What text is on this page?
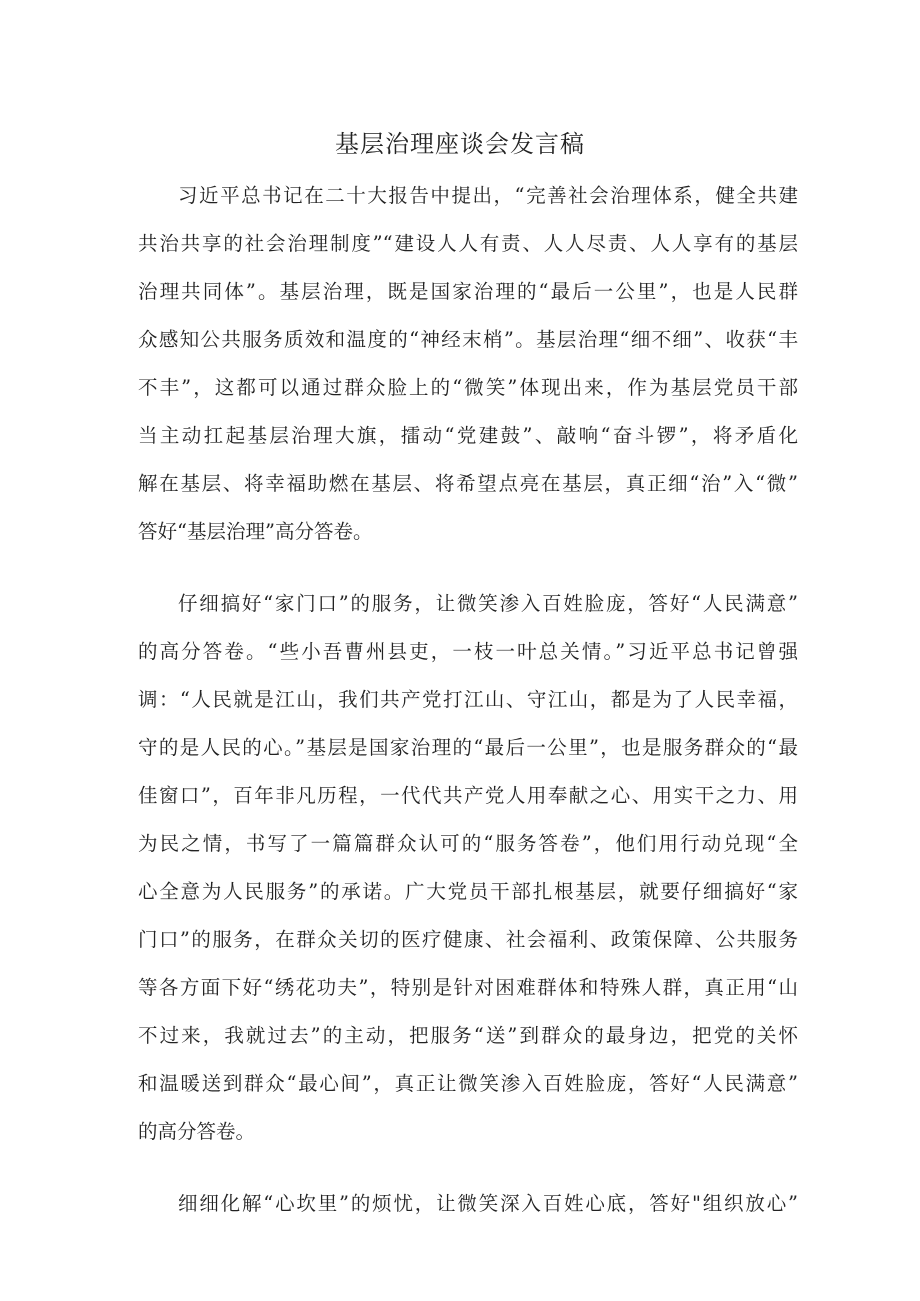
基层治理座谈会发言稿
习近平总书记在二十大报告中提出，“完善社会治理体系，健全共建
共治共享的社会治理制度”“建设人人有责、人人尽责、人人享有的基层
治理共同体”。基层治理，既是国家治理的“最后一公里”，也是人民群
众感知公共服务质效和温度的“神经末梢”。基层治理“细不细”、收获“丰
不丰”，这都可以通过群众脸上的“微笑”体现出来，作为基层党员干部
当主动扛起基层治理大旗，擂动“党建鼓”、敲响“奋斗锣”，将矛盾化
解在基层、将幸福助燃在基层、将希望点亮在基层，真正细“治”入“微”
答好“基层治理”高分答卷。
仔细搞好“家门口”的服务，让微笑渗入百姓脸庞，答好“人民满意”
的高分答卷。“些小吾曹州县吏，一枝一叶总关情。”习近平总书记曾强
调：“人民就是江山，我们共产党打江山、守江山，都是为了人民幸福，
守的是人民的心。”基层是国家治理的“最后一公里”，也是服务群众的“最
佳窗口”，百年非凡历程，一代代共产党人用奉献之心、用实干之力、用
为民之情，书写了一篇篇群众认可的“服务答卷”，他们用行动兑现“全
心全意为人民服务”的承诺。广大党员干部扎根基层，就要仔细搞好“家
门口”的服务，在群众关切的医疗健康、社会福利、政策保障、公共服务
等各方面下好“绣花功夫”，特别是针对困难群体和特殊人群，真正用“山
不过来，我就过去”的主动，把服务“送”到群众的最身边，把党的关怀
和温暖送到群众“最心间”，真正让微笑渗入百姓脸庞，答好“人民满意”
的高分答卷。
细细化解“心坎里”的烦忧，让微笑深入百姓心底，答好"组织放心”
